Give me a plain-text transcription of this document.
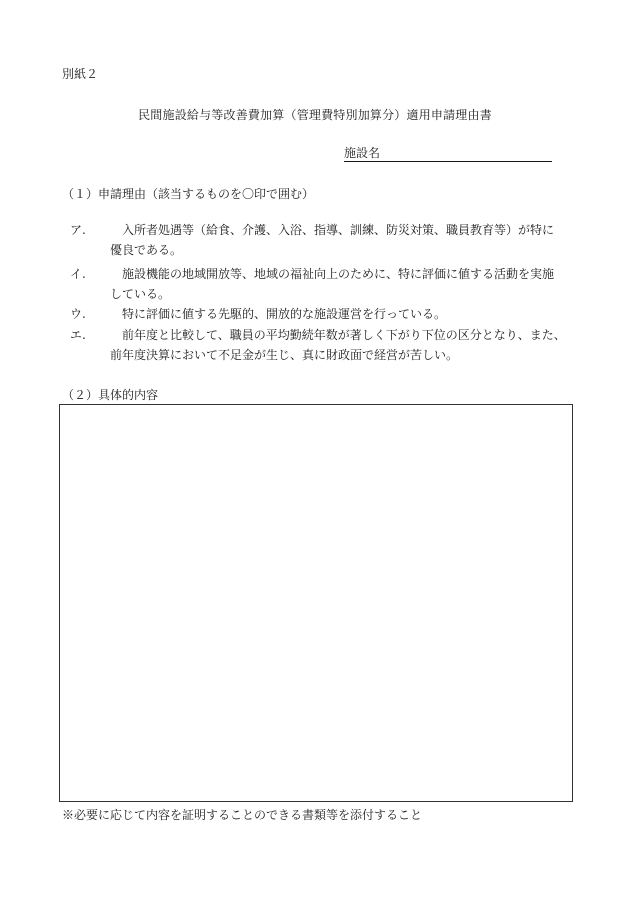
別紙２
民間施設給与等改善費加算（管理費特別加算分）適用申請理由書
施設名
（１）申請理由（該当するものを〇印で囲む）
ア.	入所者処遇等（給食、介護、入浴、指導、訓練、防災対策、職員教育等）が特に
優良である。
イ.	施設機能の地域開放等、地域の福祉向上のために、特に評価に値する活動を実施
している。
ウ.	特に評価に値する先駆的、開放的な施設運営を行っている。
エ.	前年度と比較して、職員の平均勤続年数が著しく下がり下位の区分となり、また、
前年度決算において不足金が生じ、真に財政面で経営が苦しい。
（２）具体的内容
※必要に応じて内容を証明することのできる書類等を添付すること
